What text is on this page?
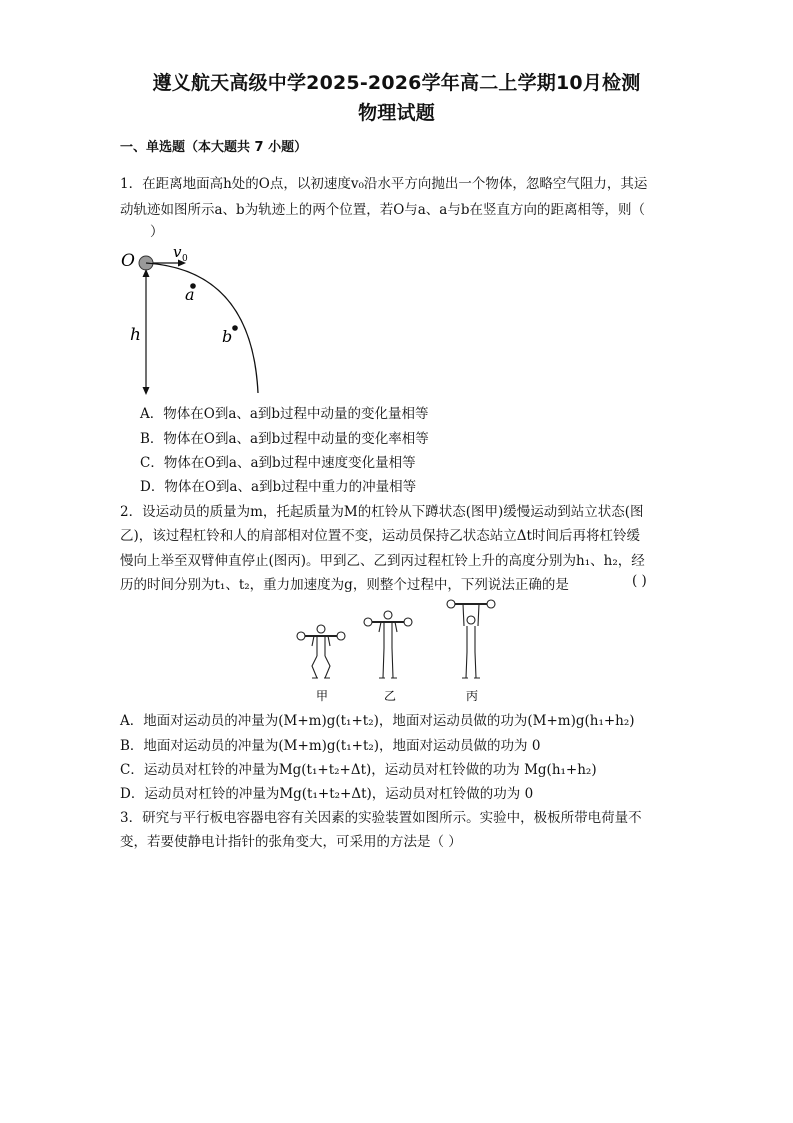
遵义航天高级中学2025-2026学年高二上学期10月检测
物理试题
一、单选题（本大题共 7 小题）
1．在距离地面高h处的O点，以初速度v₀沿水平方向抛出一个物体，忽略空气阻力，其运
动轨迹如图所示a、b为轨迹上的两个位置，若O与a、a与b在竖直方向的距离相等，则（
）
O	v 0
a
b
h
A．物体在O到a、a到b过程中动量的变化量相等
B．物体在O到a、a到b过程中动量的变化率相等
C．物体在O到a、a到b过程中速度变化量相等
D．物体在O到a、a到b过程中重力的冲量相等
2．设运动员的质量为m，托起质量为M的杠铃从下蹲状态(图甲)缓慢运动到站立状态(图
乙)，该过程杠铃和人的肩部相对位置不变，运动员保持乙状态站立Δt时间后再将杠铃缓
慢向上举至双臂伸直停止(图丙)。甲到乙、乙到丙过程杠铃上升的高度分别为h₁、h₂，经
历的时间分别为t₁、t₂，重力加速度为g，则整个过程中，下列说法正确的是	( )
甲	乙	丙
A．地面对运动员的冲量为(M+m)g(t₁+t₂)，地面对运动员做的功为(M+m)g(h₁+h₂)
B．地面对运动员的冲量为(M+m)g(t₁+t₂)，地面对运动员做的功为 0
C．运动员对杠铃的冲量为Mg(t₁+t₂+Δt)，运动员对杠铃做的功为 Mg(h₁+h₂)
D．运动员对杠铃的冲量为Mg(t₁+t₂+Δt)，运动员对杠铃做的功为 0
3．研究与平行板电容器电容有关因素的实验装置如图所示。实验中，极板所带电荷量不
变，若要使静电计指针的张角变大，可采用的方法是（ ）
